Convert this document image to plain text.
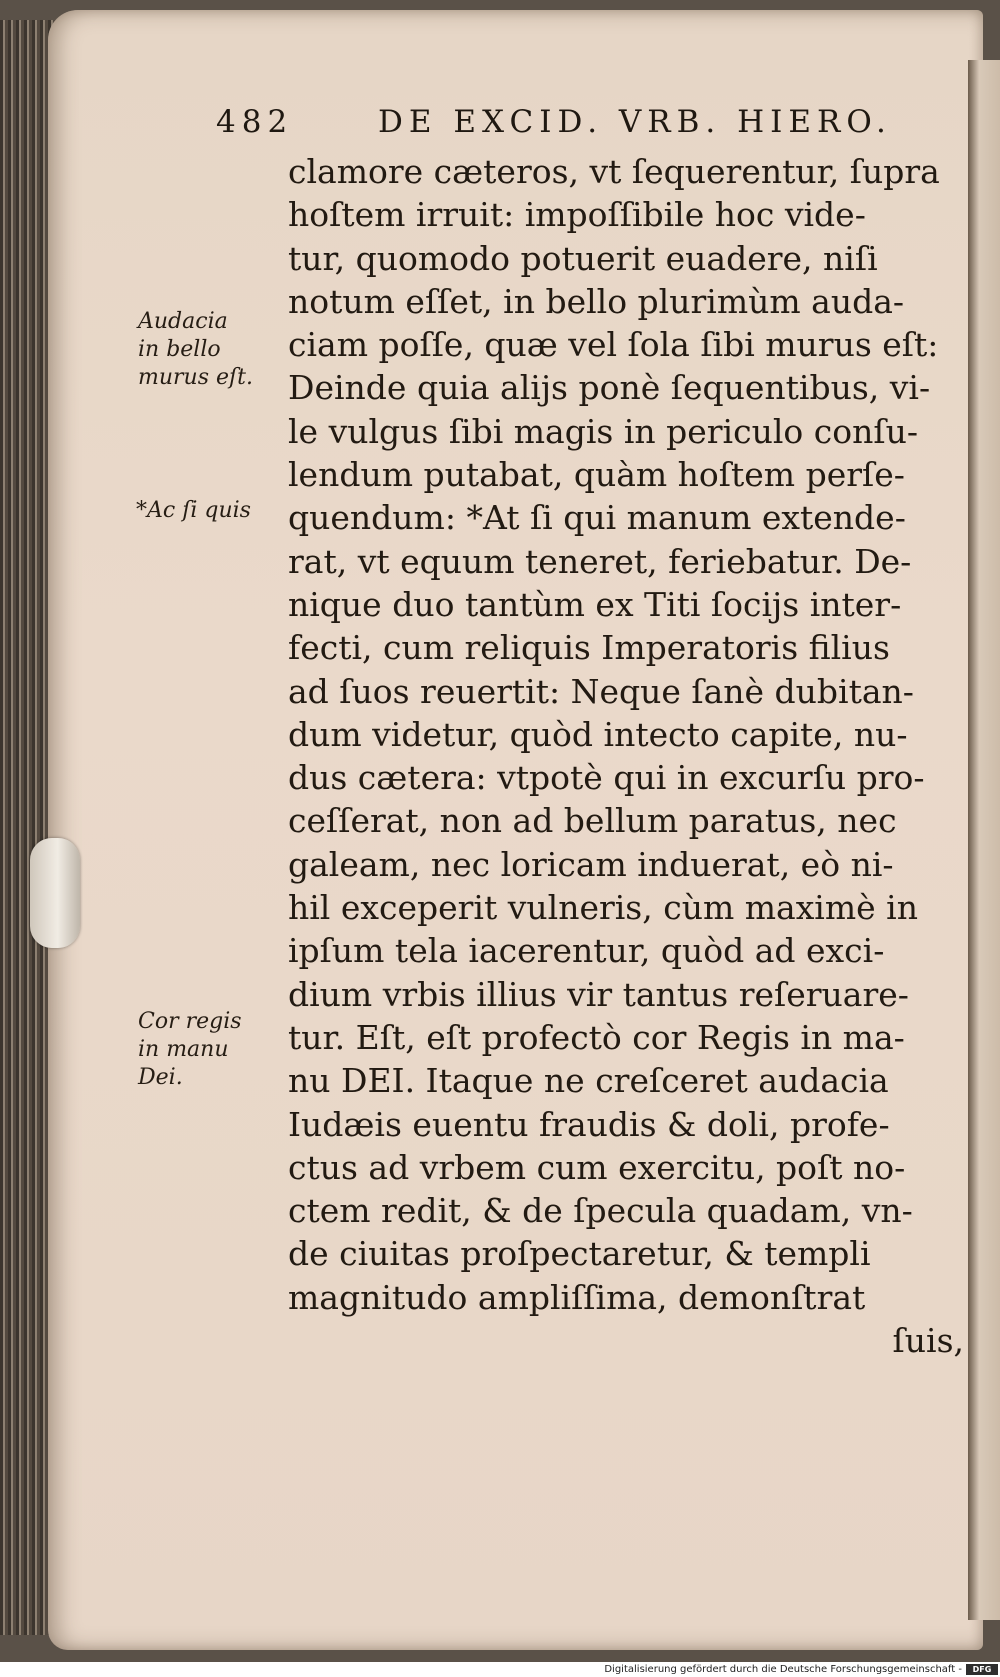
482	DE EXCID. VRB. HIERO.
Audacia
in bello
murus eſt.
*Ac ſi quis
Cor regis
in manu
Dei.
clamore cæteros, vt ſequerentur, ſupra
hoſtem irruit: impoſſibile hoc vide-
tur, quomodo potuerit euadere, niſi
notum eſſet, in bello plurimùm auda-
ciam poſſe, quæ vel ſola ſibi murus eſt:
Deinde quia alijs ponè ſequentibus, vi-
le vulgus ſibi magis in periculo conſu-
lendum putabat, quàm hoſtem perſe-
quendum: *At ſi qui manum extende-
rat, vt equum teneret, feriebatur. De-
nique duo tantùm ex Titi ſocijs inter-
fecti, cum reliquis Imperatoris filius
ad ſuos reuertit: Neque ſanè dubitan-
dum videtur, quòd intecto capite, nu-
dus cætera: vtpotè qui in excurſu pro-
ceſſerat, non ad bellum paratus, nec
galeam, nec loricam induerat, eò ni-
hil exceperit vulneris, cùm maximè in
ipſum tela iacerentur, quòd ad exci-
dium vrbis illius vir tantus reſeruare-
tur. Eſt, eſt profectò cor Regis in ma-
nu DEI. Itaque ne creſceret audacia
Iudæis euentu fraudis & doli, profe-
ctus ad vrbem cum exercitu, poſt no-
ctem redit, & de ſpecula quadam, vn-
de ciuitas proſpectaretur, & templi
magnitudo ampliſſima, demonſtrat
ſuis,
Digitalisierung gefördert durch die Deutsche Forschungsgemeinschaft -	DFG
